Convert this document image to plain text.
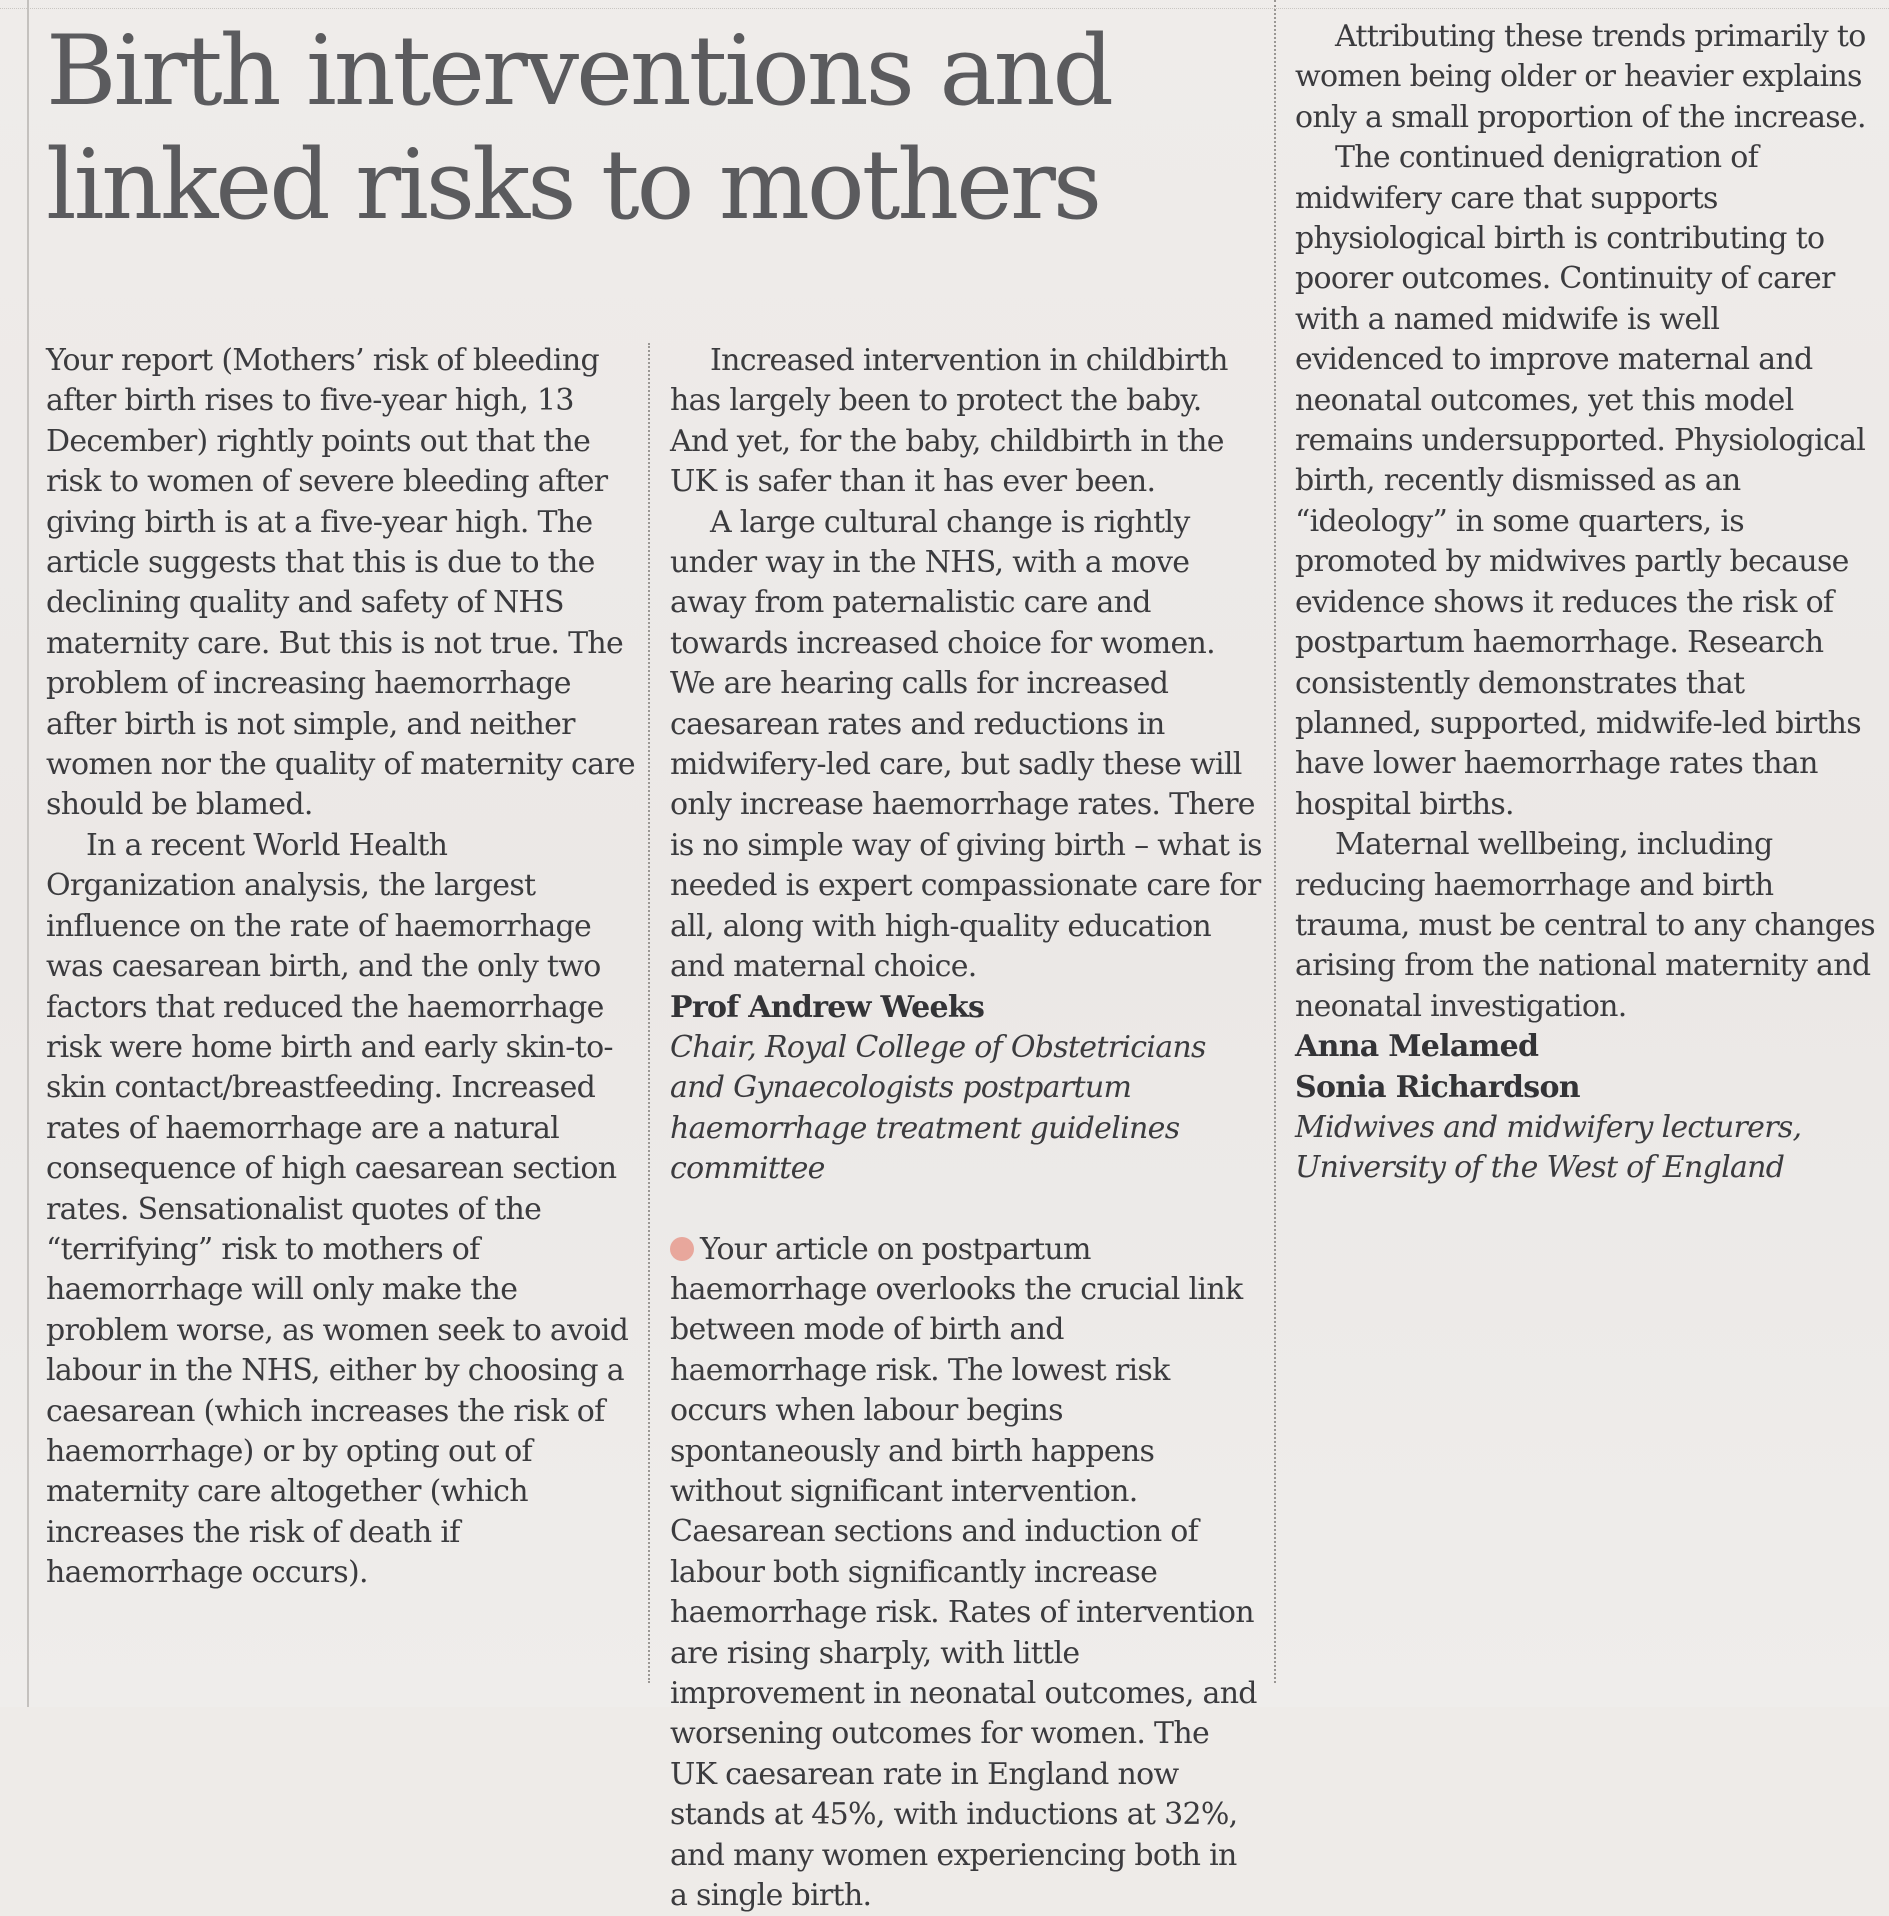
Birth interventions and linked risks to mothers

Your report (Mothers’ risk of bleeding after birth rises to five-year high, 13 December) rightly points out that the risk to women of severe bleeding after giving birth is at a five-year high. The article suggests that this is due to the declining quality and safety of NHS maternity care. But this is not true. The problem of increasing haemorrhage after birth is not simple, and neither women nor the quality of maternity care should be blamed.

In a recent World Health Organization analysis, the largest influence on the rate of haemorrhage was caesarean birth, and the only two factors that reduced the haemorrhage risk were home birth and early skin-to-skin contact/breastfeeding. Increased rates of haemorrhage are a natural consequence of high caesarean section rates. Sensationalist quotes of the “terrifying” risk to mothers of haemorrhage will only make the problem worse, as women seek to avoid labour in the NHS, either by choosing a caesarean (which increases the risk of haemorrhage) or by opting out of maternity care altogether (which increases the risk of death if haemorrhage occurs).

Increased intervention in childbirth has largely been to protect the baby. And yet, for the baby, childbirth in the UK is safer than it has ever been.

A large cultural change is rightly under way in the NHS, with a move away from paternalistic care and towards increased choice for women. We are hearing calls for increased caesarean rates and reductions in midwifery-led care, but sadly these will only increase haemorrhage rates. There is no simple way of giving birth – what is needed is expert compassionate care for all, along with high-quality education and maternal choice.

Prof Andrew Weeks

Chair, Royal College of Obstetricians and Gynaecologists postpartum haemorrhage treatment guidelines committee

Your article on postpartum haemorrhage overlooks the crucial link between mode of birth and haemorrhage risk. The lowest risk occurs when labour begins spontaneously and birth happens without significant intervention. Caesarean sections and induction of labour both significantly increase haemorrhage risk. Rates of intervention are rising sharply, with little improvement in neonatal outcomes, and worsening outcomes for women. The UK caesarean rate in England now stands at 45%, with inductions at 32%, and many women experiencing both in a single birth.

Attributing these trends primarily to women being older or heavier explains only a small proportion of the increase.

The continued denigration of midwifery care that supports physiological birth is contributing to poorer outcomes. Continuity of carer with a named midwife is well evidenced to improve maternal and neonatal outcomes, yet this model remains undersupported. Physiological birth, recently dismissed as an “ideology” in some quarters, is promoted by midwives partly because evidence shows it reduces the risk of postpartum haemorrhage. Research consistently demonstrates that planned, supported, midwife-led births have lower haemorrhage rates than hospital births.

Maternal wellbeing, including reducing haemorrhage and birth trauma, must be central to any changes arising from the national maternity and neonatal investigation.

Anna Melamed

Sonia Richardson

Midwives and midwifery lecturers, University of the West of England
